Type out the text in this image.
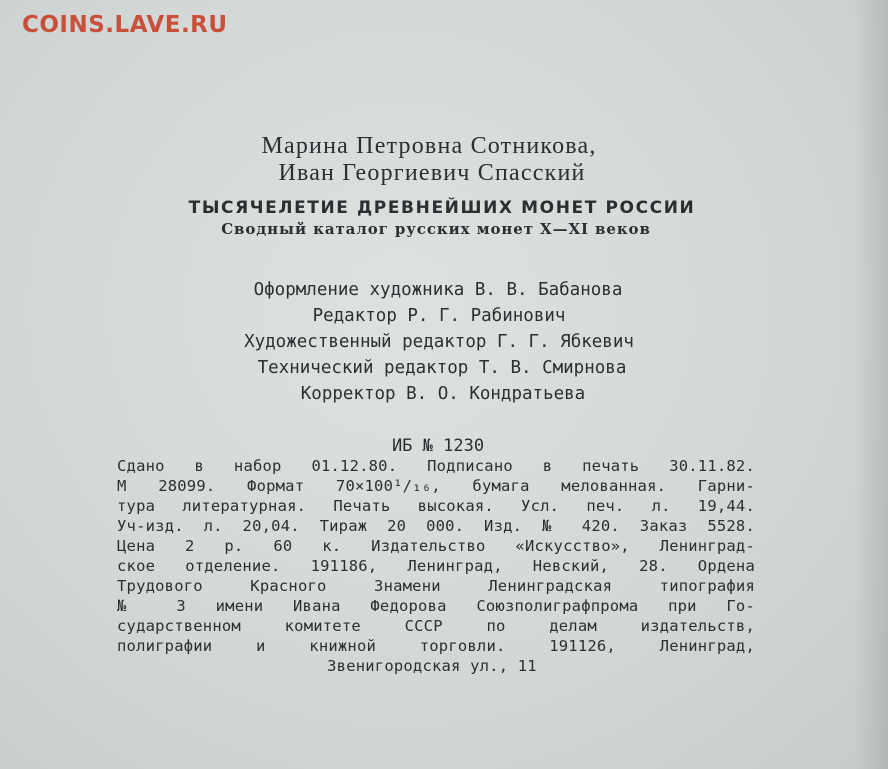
COINS.LAVE.RU
Марина Петровна Сотникова,
Иван Георгиевич Спасский
ТЫСЯЧЕЛЕТИЕ ДРЕВНЕЙШИХ МОНЕТ РОССИИ
Сводный каталог русских монет X—XI веков
Оформление художника В. В. Бабанова
Редактор Р. Г. Рабинович
Художественный редактор Г. Г. Ябкевич
Технический редактор Т. В. Смирнова
Корректор В. О. Кондратьева
ИБ № 1230
Сдано в набор 01.12.80. Подписано в печать 30.11.82.
М 28099. Формат 70×100¹/₁₆, бумага мелованная. Гарни-
тура литературная. Печать высокая. Усл. печ. л. 19,44.
Уч-изд. л. 20,04. Тираж 20 000. Изд. № 420. Заказ 5528.
Цена 2 р. 60 к. Издательство «Искусство», Ленинград-
ское отделение. 191186, Ленинград, Невский, 28. Ордена
Трудового Красного Знамени Ленинградская типография
№ 3 имени Ивана Федорова Союзполиграфпрома при Го-
сударственном комитете СССР по делам издательств,
полиграфии и книжной торговли. 191126, Ленинград,
Звенигородская ул., 11
